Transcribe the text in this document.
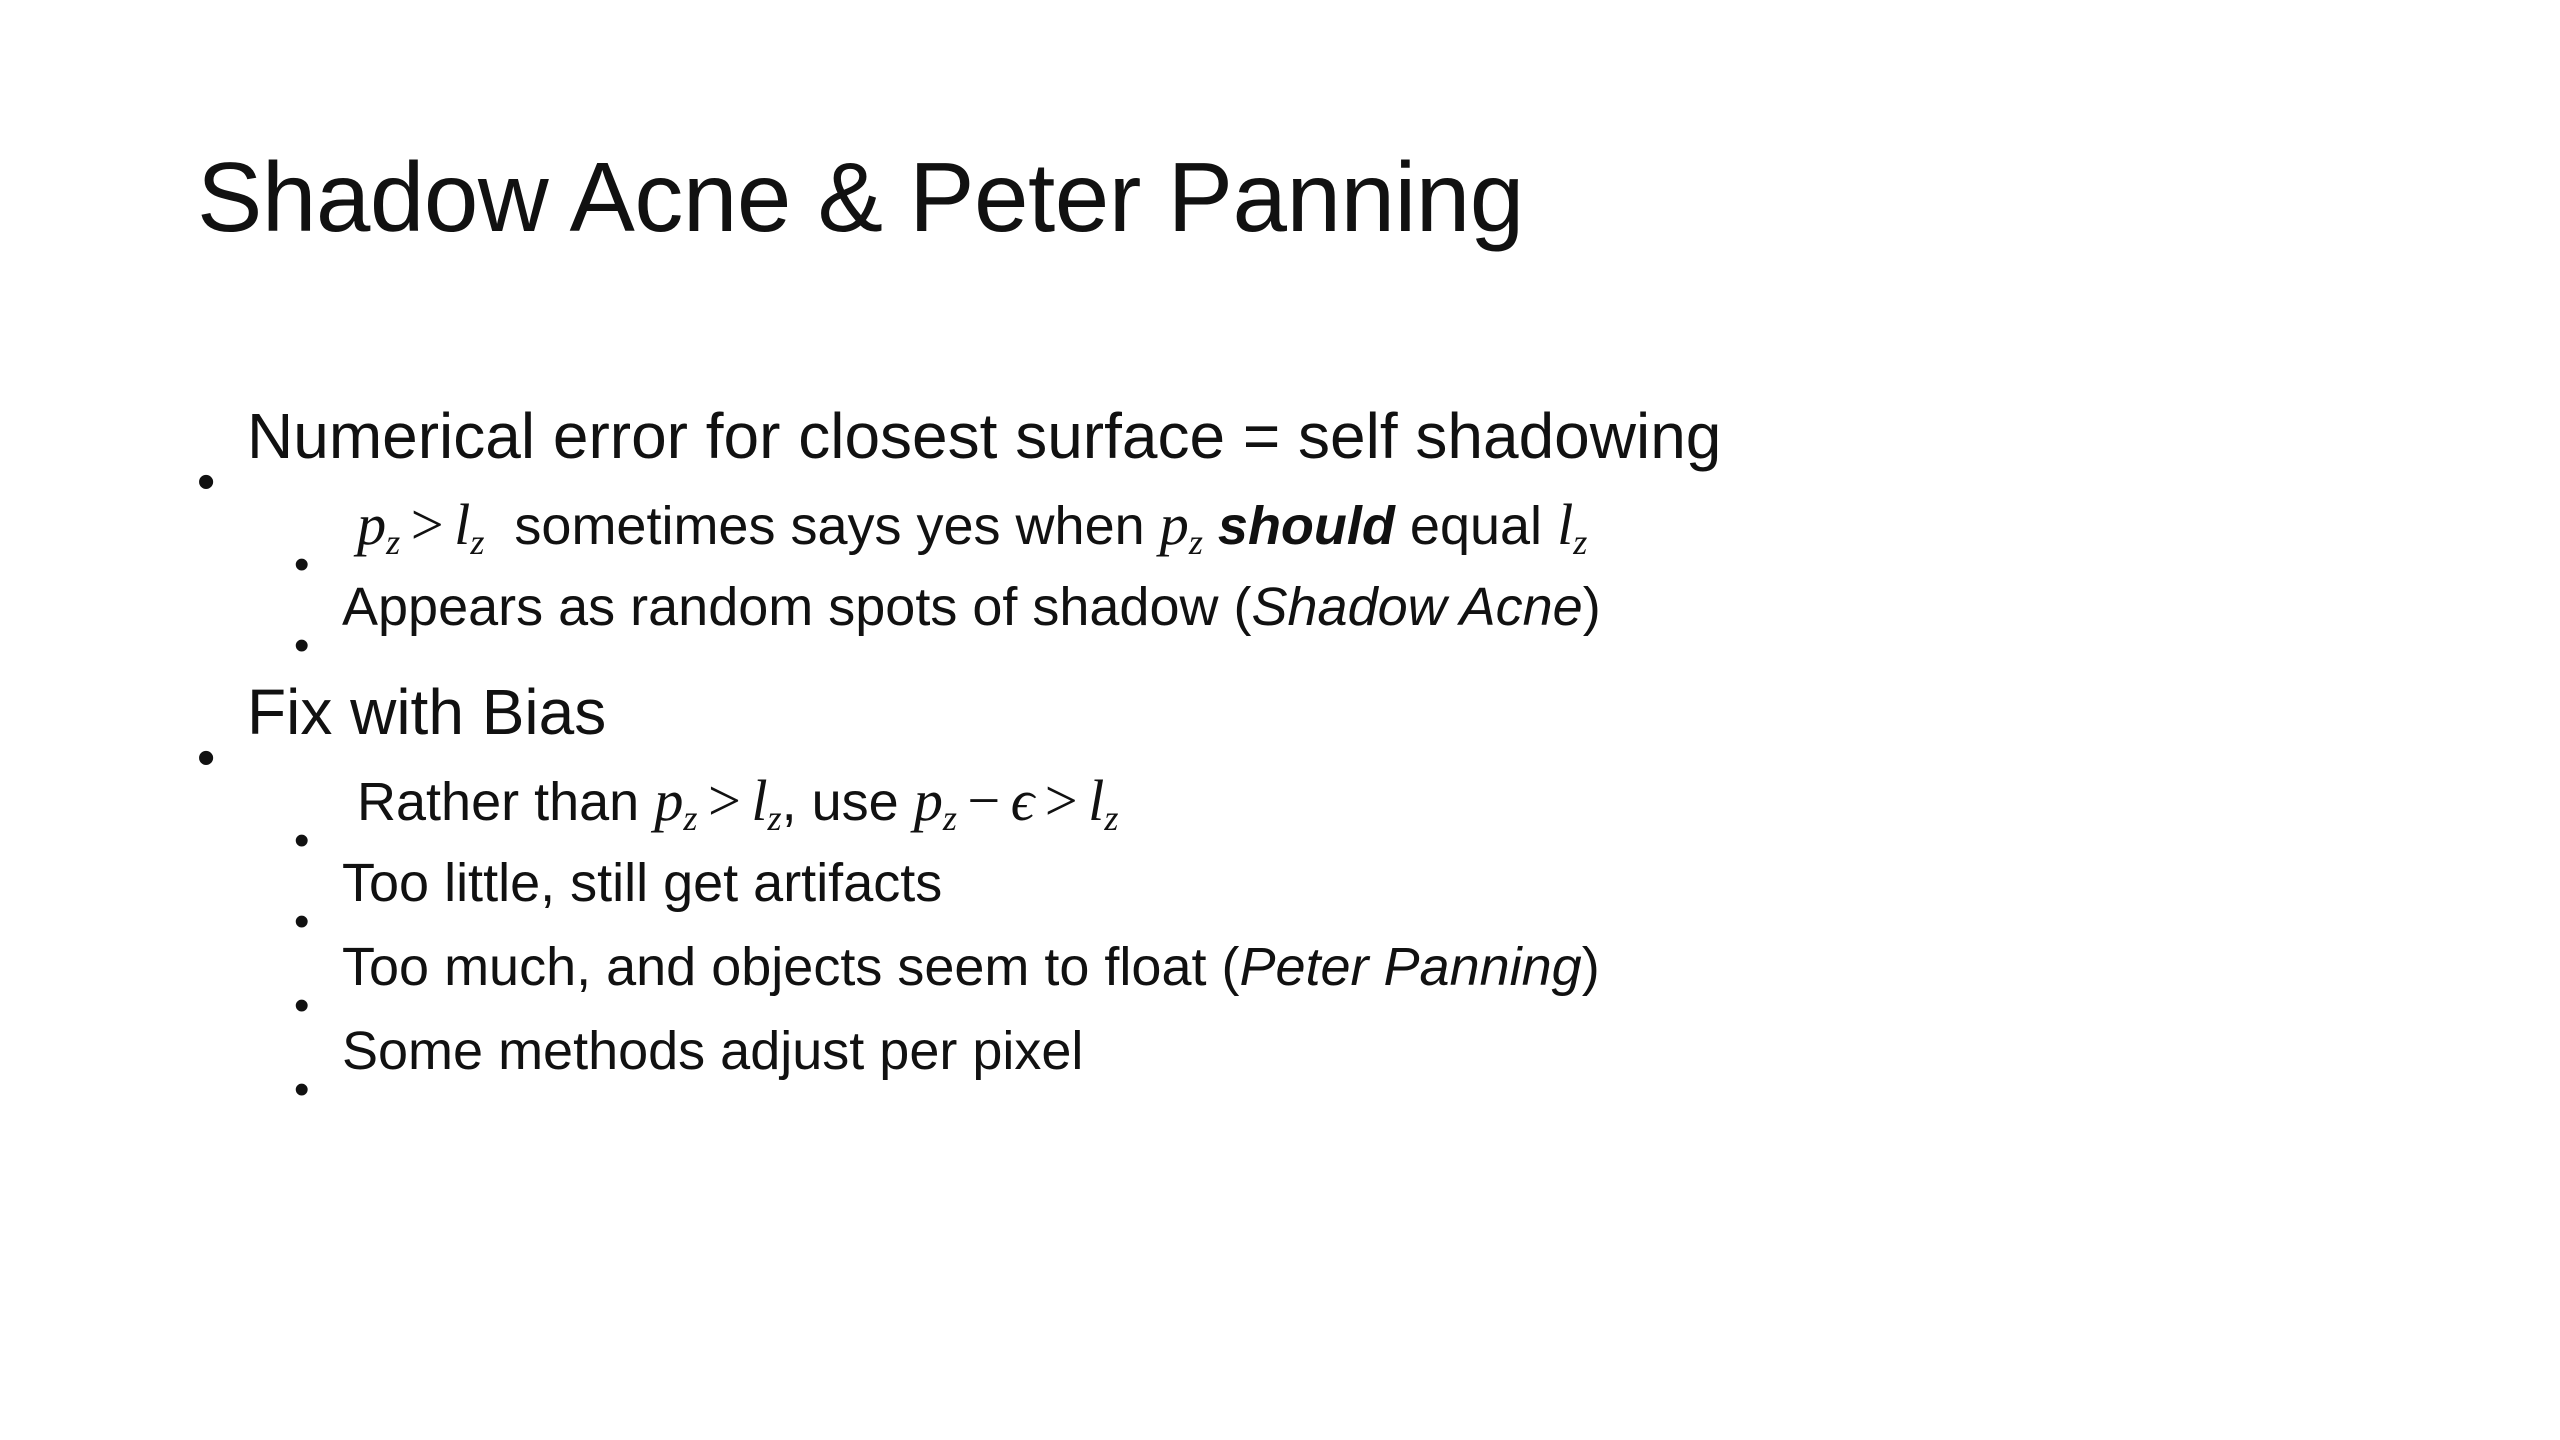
Shadow Acne & Peter Panning
Numerical error for closest surface = self shadowing
$p_z > l_z$ sometimes says yes when $p_z$ should equal $l_z$
Appears as random spots of shadow (Shadow Acne)
Fix with Bias
Rather than $p_z > l_z$, use $p_z - \epsilon > l_z$
Too little, still get artifacts
Too much, and objects seem to float (Peter Panning)
Some methods adjust per pixel
